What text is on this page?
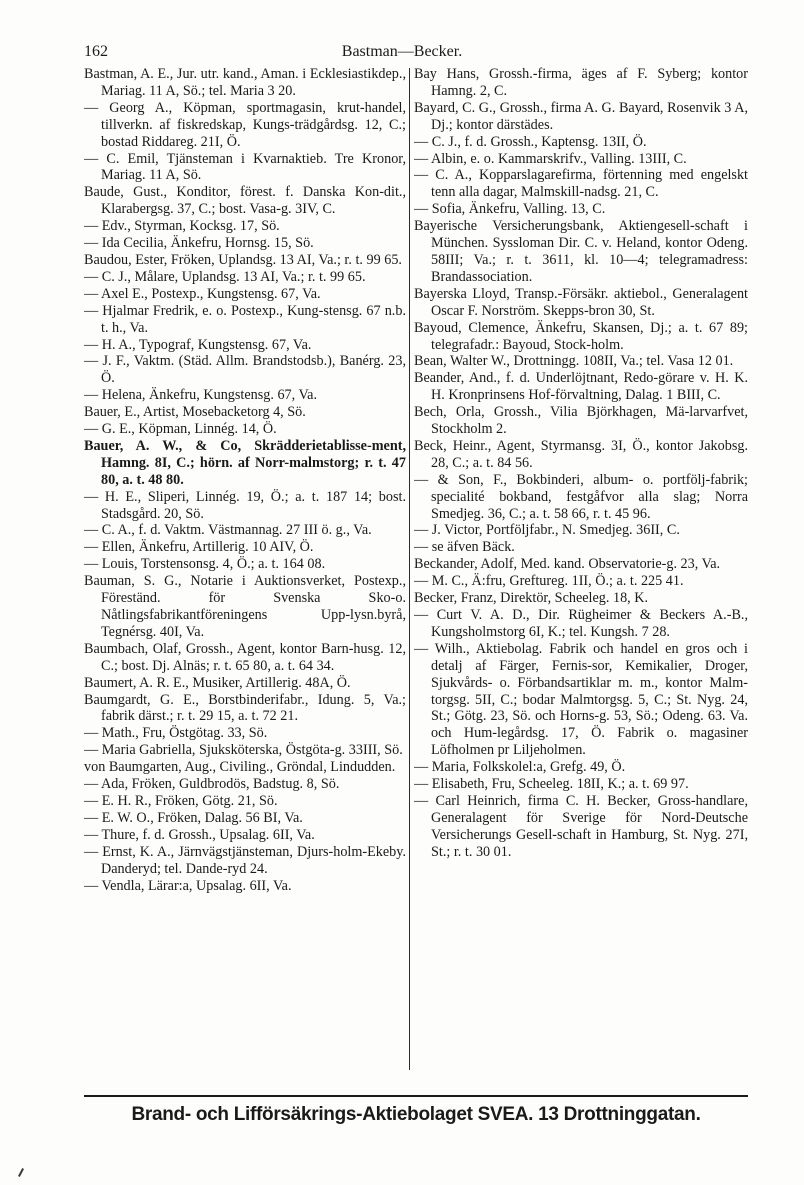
162	Bastman—Becker.

Bastman, A. E., Jur. utr. kand., Aman. i Ecklesiastikdep., Mariag. 11 A, Sö.; tel. Maria 3 20.

— Georg A., Köpman, sportmagasin, krut-handel, tillverkn. af fiskredskap, Kungs-trädgårdsg. 12, C.; bostad Riddareg. 21I, Ö.

— C. Emil, Tjänsteman i Kvarnaktieb. Tre Kronor, Mariag. 11 A, Sö.

Baude, Gust., Konditor, förest. f. Danska Kon-dit., Klarabergsg. 37, C.; bost. Vasa-g. 3IV, C.

— Edv., Styrman, Kocksg. 17, Sö.

— Ida Cecilia, Änkefru, Hornsg. 15, Sö.

Baudou, Ester, Fröken, Uplandsg. 13 AI, Va.; r. t. 99 65.

— C. J., Målare, Uplandsg. 13 AI, Va.; r. t. 99 65.

— Axel E., Postexp., Kungstensg. 67, Va.

— Hjalmar Fredrik, e. o. Postexp., Kung-stensg. 67 n.b. t. h., Va.

— H. A., Typograf, Kungstensg. 67, Va.

— J. F., Vaktm. (Städ. Allm. Brandstodsb.), Banérg. 23, Ö.

— Helena, Änkefru, Kungstensg. 67, Va.

Bauer, E., Artist, Mosebacketorg 4, Sö.

— G. E., Köpman, Linnég. 14, Ö.

Bauer, A. W., & Co, Skrädderietablisse-ment, Hamng. 8I, C.; hörn. af Norr-malmstorg; r. t. 47 80, a. t. 48 80.

— H. E., Sliperi, Linnég. 19, Ö.; a. t. 187 14; bost. Stadsgård. 20, Sö.

— C. A., f. d. Vaktm. Västmannag. 27 III ö. g., Va.

— Ellen, Änkefru, Artillerig. 10 AIV, Ö.

— Louis, Torstensonsg. 4, Ö.; a. t. 164 08.

Bauman, S. G., Notarie i Auktionsverket, Postexp., Föreständ. för Svenska Sko-o. Nåtlingsfabrikantföreningens Upp-lysn.byrå, Tegnérsg. 40I, Va.

Baumbach, Olaf, Grossh., Agent, kontor Barn-husg. 12, C.; bost. Dj. Alnäs; r. t. 65 80, a. t. 64 34.

Baumert, A. R. E., Musiker, Artillerig. 48A, Ö.

Baumgardt, G. E., Borstbinderifabr., Idung. 5, Va.; fabrik därst.; r. t. 29 15, a. t. 72 21.

— Math., Fru, Östgötag. 33, Sö.

— Maria Gabriella, Sjuksköterska, Östgöta-g. 33III, Sö.

von Baumgarten, Aug., Civiling., Gröndal, Lindudden.

— Ada, Fröken, Guldbrodös, Badstug. 8, Sö.

— E. H. R., Fröken, Götg. 21, Sö.

— E. W. O., Fröken, Dalag. 56 BI, Va.

— Thure, f. d. Grossh., Upsalag. 6II, Va.

— Ernst, K. A., Järnvägstjänsteman, Djurs-holm-Ekeby. Danderyd; tel. Dande-ryd 24.

— Vendla, Lärar:a, Upsalag. 6II, Va.

Bay Hans, Grossh.-firma, äges af F. Syberg; kontor Hamng. 2, C.

Bayard, C. G., Grossh., firma A. G. Bayard, Rosenvik 3 A, Dj.; kontor därstädes.

— C. J., f. d. Grossh., Kaptensg. 13II, Ö.

— Albin, e. o. Kammarskrifv., Valling. 13III, C.

— C. A., Kopparslagarefirma, förtenning med engelskt tenn alla dagar, Malmskill-nadsg. 21, C.

— Sofia, Änkefru, Valling. 13, C.

Bayerische Versicherungsbank, Aktiengesell-schaft i München. Syssloman Dir. C. v. Heland, kontor Odeng. 58III; Va.; r. t. 3611, kl. 10—4; telegramadress: Brandassociation.

Bayerska Lloyd, Transp.-Försäkr. aktiebol., Generalagent Oscar F. Norström. Skepps-bron 30, St.

Bayoud, Clemence, Änkefru, Skansen, Dj.; a. t. 67 89; telegrafadr.: Bayoud, Stock-holm.

Bean, Walter W., Drottningg. 108II, Va.; tel. Vasa 12 01.

Beander, And., f. d. Underlöjtnant, Redo-görare v. H. K. H. Kronprinsens Hof-förvaltning, Dalag. 1 BIII, C.

Bech, Orla, Grossh., Vilia Björkhagen, Mä-larvarfvet, Stockholm 2.

Beck, Heinr., Agent, Styrmansg. 3I, Ö., kontor Jakobsg. 28, C.; a. t. 84 56.

— & Son, F., Bokbinderi, album- o. portfölj-fabrik; specialité bokband, festgåfvor alla slag; Norra Smedjeg. 36, C.; a. t. 58 66, r. t. 45 96.

— J. Victor, Portföljfabr., N. Smedjeg. 36II, C.

— se äfven Bäck.

Beckander, Adolf, Med. kand. Observatorie-g. 23, Va.

— M. C., Ä:fru, Greftureg. 1II, Ö.; a. t. 225 41.

Becker, Franz, Direktör, Scheeleg. 18, K.

— Curt V. A. D., Dir. Rügheimer & Beckers A.-B., Kungsholmstorg 6I, K.; tel. Kungsh. 7 28.

— Wilh., Aktiebolag. Fabrik och handel en gros och i detalj af Färger, Fernis-sor, Kemikalier, Droger, Sjukvårds- o. Förbandsartiklar m. m., kontor Malm-torgsg. 5II, C.; bodar Malmtorgsg. 5, C.; St. Nyg. 24, St.; Götg. 23, Sö. och Horns-g. 53, Sö.; Odeng. 63. Va. och Hum-legårdsg. 17, Ö. Fabrik o. magasiner Löfholmen pr Liljeholmen.

— Maria, Folkskolel:a, Grefg. 49, Ö.

— Elisabeth, Fru, Scheeleg. 18II, K.; a. t. 69 97.

— Carl Heinrich, firma C. H. Becker, Gross-handlare, Generalagent för Sverige för Nord-Deutsche Versicherungs Gesell-schaft in Hamburg, St. Nyg. 27I, St.; r. t. 30 01.

Brand- och Lifförsäkrings-Aktiebolaget SVEA. 13 Drottninggatan.
